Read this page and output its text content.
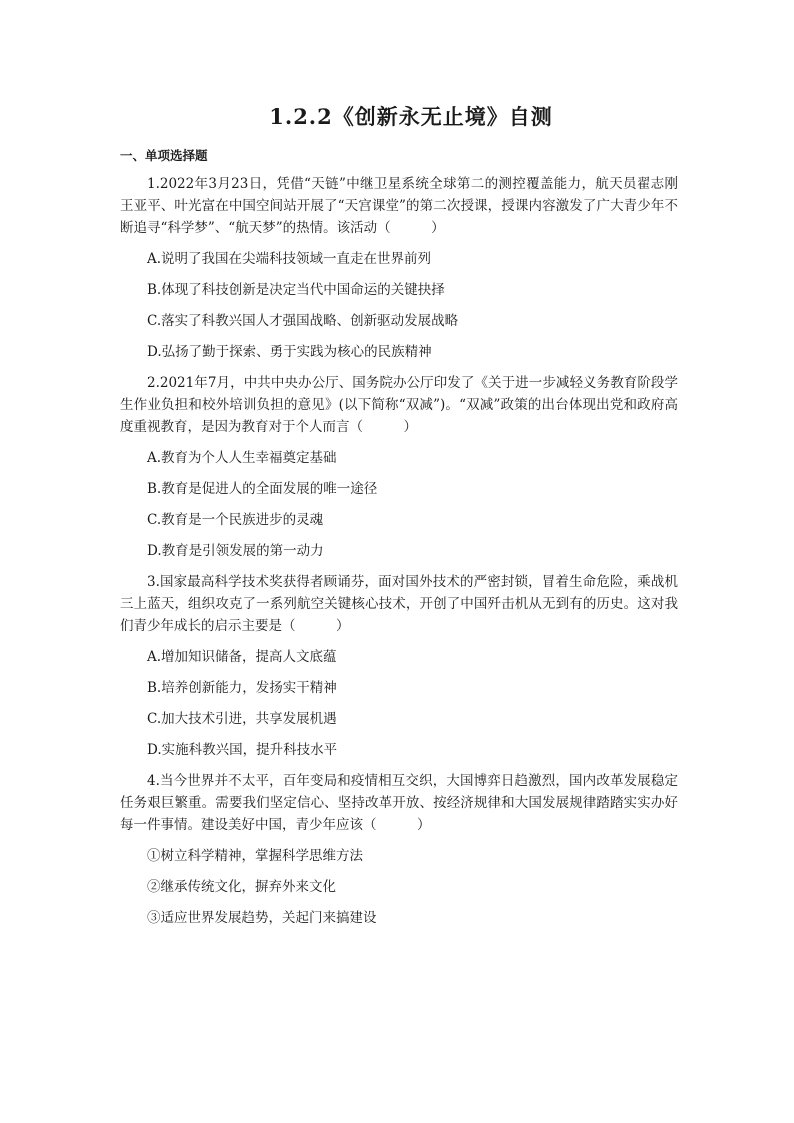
1.2.2《创新永无止境》自测
一、单项选择题

1.2022年3月23日，凭借“天链”中继卫星系统全球第二的测控覆盖能力，航天员翟志刚王亚平、叶光富在中国空间站开展了“天宫课堂”的第二次授课，授课内容激发了广大青少年不断追寻“科学梦”、“航天梦”的热情。该活动（　　　）

A.说明了我国在尖端科技领域一直走在世界前列

B.体现了科技创新是决定当代中国命运的关键抉择

C.落实了科教兴国人才强国战略、创新驱动发展战略

D.弘扬了勤于探索、勇于实践为核心的民族精神

2.2021年7月，中共中央办公厅、国务院办公厅印发了《关于进一步减轻义务教育阶段学生作业负担和校外培训负担的意见》(以下简称“双减”)。“双减”政策的出台体现出党和政府高度重视教育，是因为教育对于个人而言（　　　）

A.教育为个人人生幸福奠定基础

B.教育是促进人的全面发展的唯一途径

C.教育是一个民族进步的灵魂

D.教育是引领发展的第一动力

3.国家最高科学技术奖获得者顾诵芬，面对国外技术的严密封锁，冒着生命危险，乘战机三上蓝天，组织攻克了一系列航空关键核心技术，开创了中国歼击机从无到有的历史。这对我们青少年成长的启示主要是（　　　）

A.增加知识储备，提高人文底蕴

B.培养创新能力，发扬实干精神

C.加大技术引进，共享发展机遇

D.实施科教兴国，提升科技水平

4.当今世界并不太平，百年变局和疫情相互交织，大国博弈日趋激烈，国内改革发展稳定任务艰巨繁重。需要我们坚定信心、坚持改革开放、按经济规律和大国发展规律踏踏实实办好每一件事情。建设美好中国，青少年应该（　　　）

①树立科学精神，掌握科学思维方法

②继承传统文化，摒弃外来文化

③适应世界发展趋势，关起门来搞建设
